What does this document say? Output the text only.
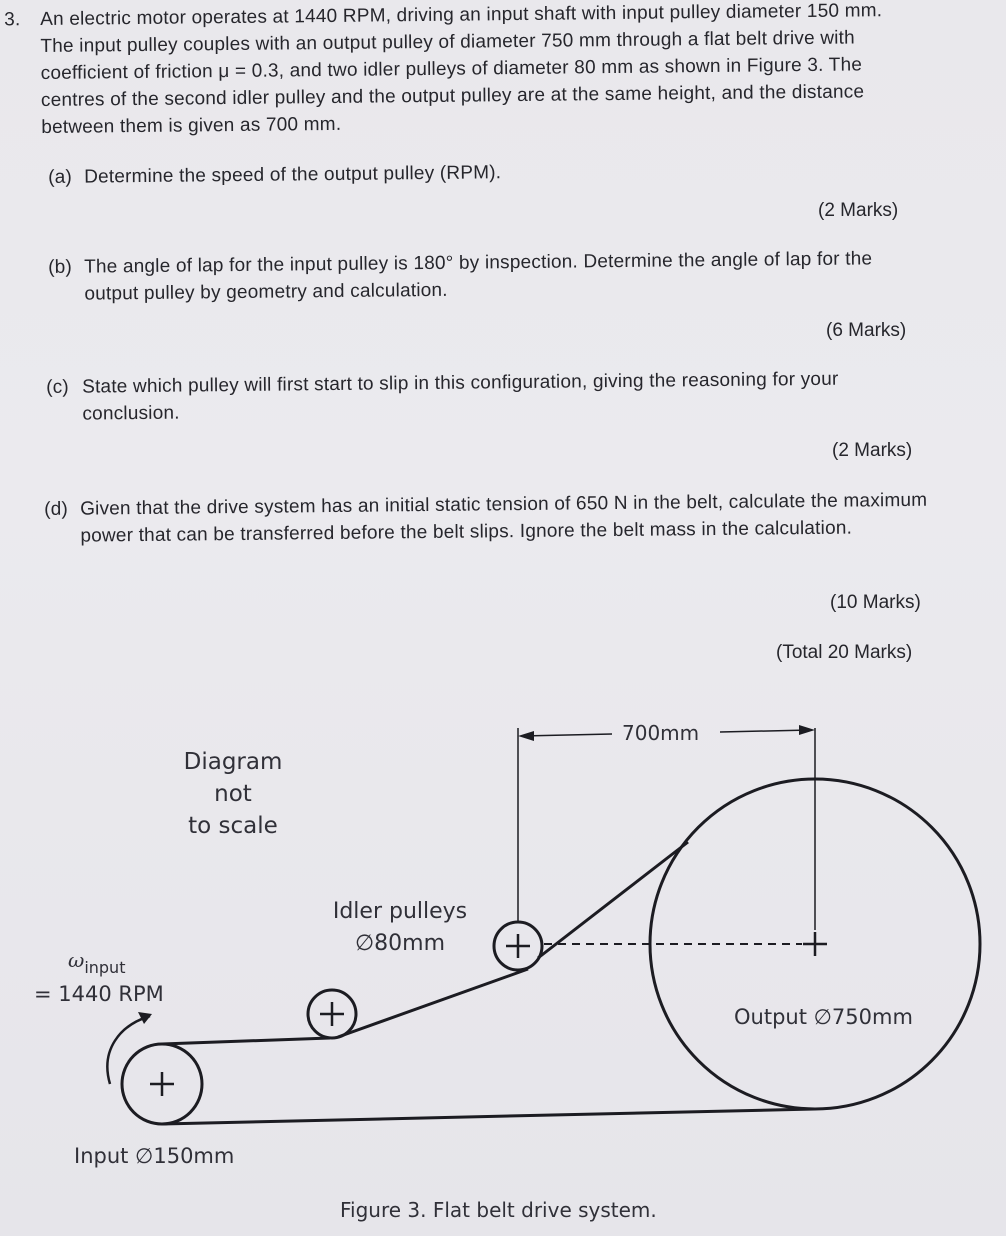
3. An electric motor operates at 1440 RPM, driving an input shaft with input pulley diameter 150 mm. The input pulley couples with an output pulley of diameter 750 mm through a flat belt drive with coefficient of friction μ = 0.3, and two idler pulleys of diameter 80 mm as shown in Figure 3. The centres of the second idler pulley and the output pulley are at the same height, and the distance between them is given as 700 mm.
(a) Determine the speed of the output pulley (RPM).
(2 Marks)
(b) The angle of lap for the input pulley is 180° by inspection. Determine the angle of lap for the output pulley by geometry and calculation.
(6 Marks)
(c) State which pulley will first start to slip in this configuration, giving the reasoning for your conclusion.
(2 Marks)
(d) Given that the drive system has an initial static tension of 650 N in the belt, calculate the maximum power that can be transferred before the belt slips. Ignore the belt mass in the calculation.
(10 Marks)
(Total 20 Marks)
Diagram not
to scale
700mm
Idler pulleys
∅80mm
$\omega_{input}$
= 1440 RPM
Output ∅750mm
Input ∅150mm
Figure 3. Flat belt drive system.
